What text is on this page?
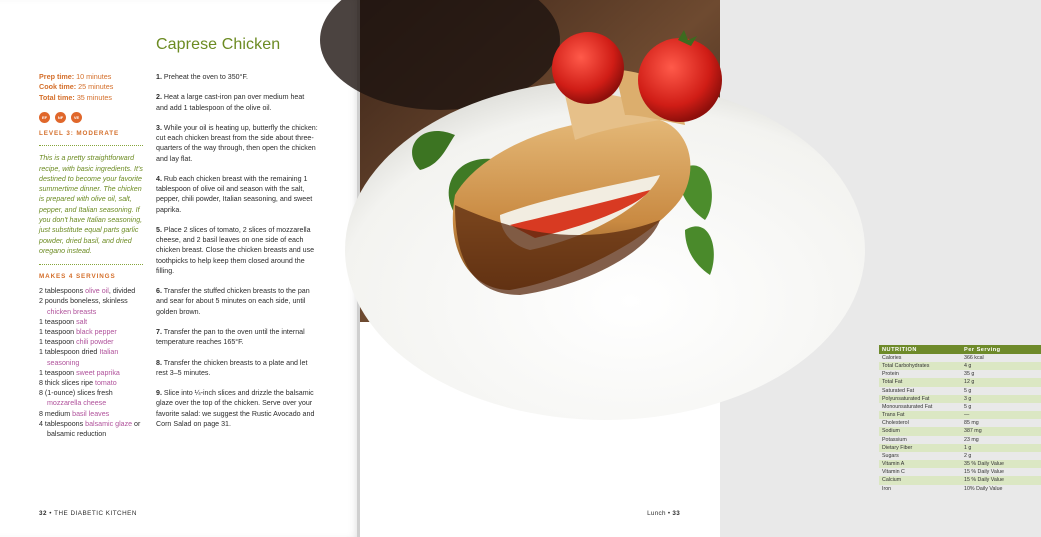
Caprese Chicken
Prep time: 10 minutes
Cook time: 25 minutes
Total time: 35 minutes
EF	NF	VE
LEVEL 3: MODERATE

This is a pretty straightforward recipe, with basic ingredients. It's destined to become your favorite summertime dinner. The chicken is prepared with olive oil, salt, pepper, and Italian seasoning. If you don't have Italian seasoning, just substitute equal parts garlic powder, dried basil, and dried oregano instead.

MAKES 4 SERVINGS
2 tablespoons olive oil, divided
2 pounds boneless, skinless chicken breasts
1 teaspoon salt
1 teaspoon black pepper
1 teaspoon chili powder
1 tablespoon dried Italian seasoning
1 teaspoon sweet paprika
8 thick slices ripe tomato
8 (1-ounce) slices fresh mozzarella cheese
8 medium basil leaves
4 tablespoons balsamic glaze or balsamic reduction

1. Preheat the oven to 350°F.

2. Heat a large cast-iron pan over medium heat and add 1 tablespoon of the olive oil.

3. While your oil is heating up, butterfly the chicken: cut each chicken breast from the side about three-quarters of the way through, then open the chicken and lay flat.

4. Rub each chicken breast with the remaining 1 tablespoon of olive oil and season with the salt, pepper, chili powder, Italian seasoning, and sweet paprika.

5. Place 2 slices of tomato, 2 slices of mozzarella cheese, and 2 basil leaves on one side of each chicken breast. Close the chicken breasts and use toothpicks to help keep them closed around the filling.

6. Transfer the stuffed chicken breasts to the pan and sear for about 5 minutes on each side, until golden brown.

7. Transfer the pan to the oven until the internal temperature reaches 165°F.

8. Transfer the chicken breasts to a plate and let rest 3–5 minutes.

9. Slice into ¼-inch slices and drizzle the balsamic glaze over the top of the chicken. Serve over your favorite salad: we suggest the Rustic Avocado and Corn Salad on page 31.

32 • THE DIABETIC KITCHEN
NUTRITION	Per Serving
Calories	366 kcal
Total Carbohydrates	4 g
Protein	35 g
Total Fat	12 g
Saturated Fat	5 g
Polyunsaturated Fat	3 g
Monounsaturated Fat	5 g
Trans Fat	—
Cholesterol	85 mg
Sodium	387 mg
Potassium	23 mg
Dietary Fiber	1 g
Sugars	2 g
Vitamin A	35 % Daily Value
Vitamin C	15 % Daily Value
Calcium	15 % Daily Value
Iron	10% Daily Value
Lunch • 33
